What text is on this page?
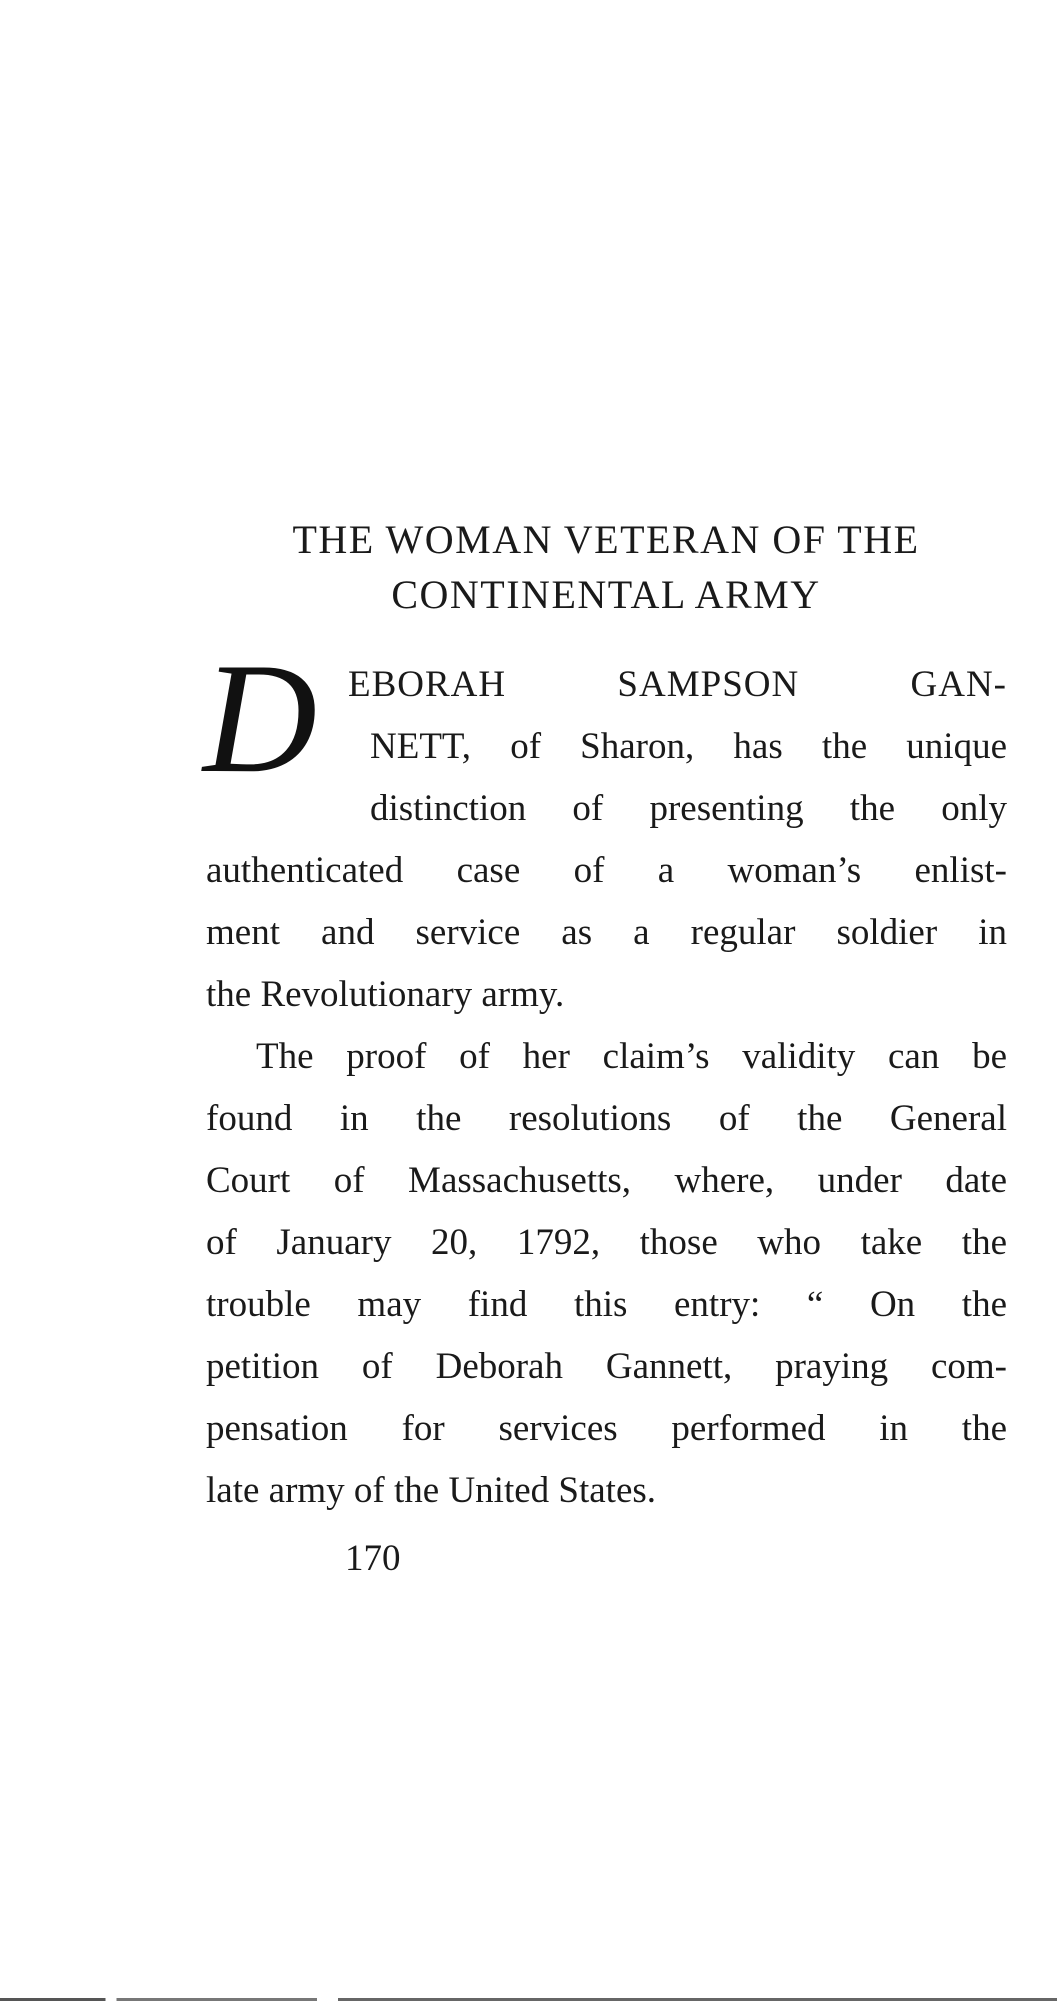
THE WOMAN VETERAN OF THE
CONTINENTAL ARMY
D EBORAH SAMPSON GAN-
NETT, of Sharon, has the unique
distinction of presenting the only
authenticated case of a woman’s enlist-
ment and service as a regular soldier in
the Revolutionary army.
The proof of her claim’s validity can be
found in the resolutions of the General
Court of Massachusetts, where, under date
of January 20, 1792, those who take the
trouble may find this entry: “ On the
petition of Deborah Gannett, praying com-
pensation for services performed in the
late army of the United States.
170
